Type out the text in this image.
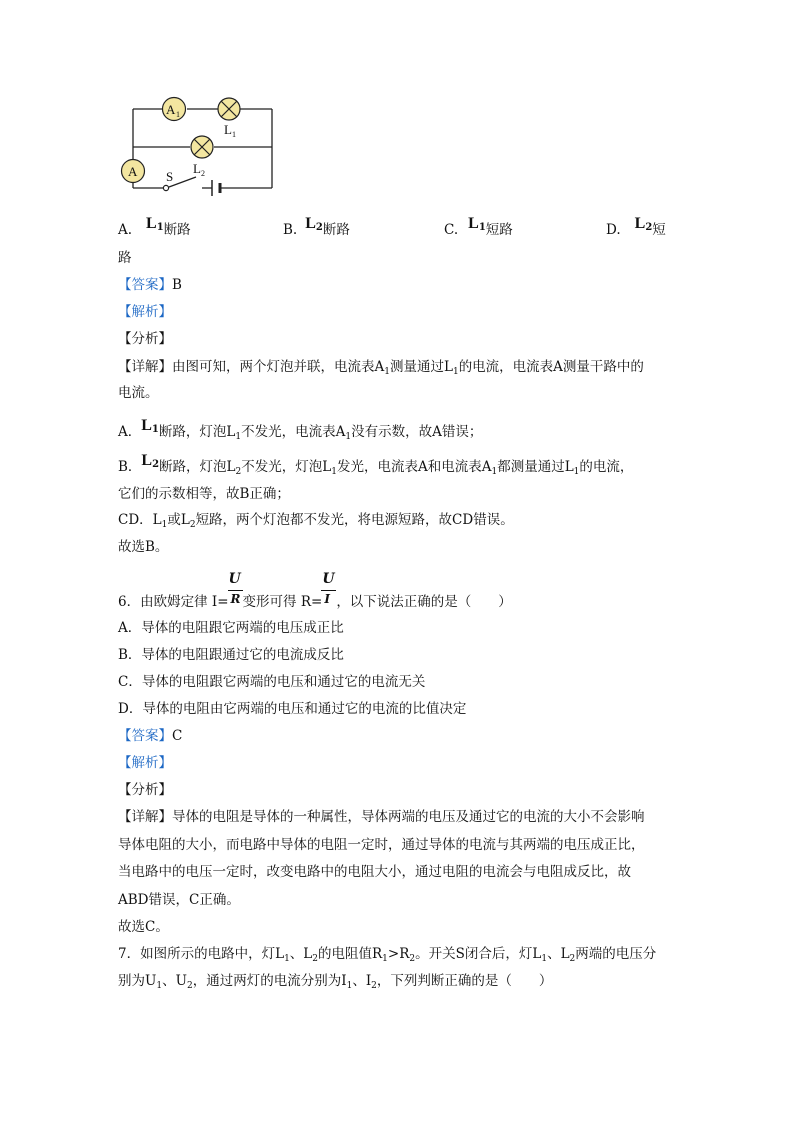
A 1
L 1
A S
L 2
A. $L^1$断路	B. $L^2$断路	C. $L^1$短路	D. $L^2$短
路
【答案】B
【解析】
【分析】
【详解】由图可知，两个灯泡并联，电流表$A_1$测量通过$L_1$的电流，电流表A测量干路中的
电流。
A．$L^1$断路，灯泡$L_1$不发光，电流表$A_1$没有示数，故A错误；
B．$L^2$断路，灯泡$L_2$不发光，灯泡$L_1$发光，电流表A和电流表$A_1$都测量通过$L_1$的电流，
它们的示数相等，故B正确；
CD．$L_1$或$L_2$短路，两个灯泡都不发光，将电源短路，故CD错误。
故选B。
6．由欧姆定律 $I= \frac{U}{R}$ 变形可得 $R= \frac{U}{I}$ ，以下说法正确的是（　　）
A．导体的电阻跟它两端的电压成正比
B．导体的电阻跟通过它的电流成反比
C．导体的电阻跟它两端的电压和通过它的电流无关
D．导体的电阻由它两端的电压和通过它的电流的比值决定
【答案】C
【解析】
【分析】
【详解】导体的电阻是导体的一种属性，导体两端的电压及通过它的电流的大小不会影响
导体电阻的大小，而电路中导体的电阻一定时，通过导体的电流与其两端的电压成正比，
当电路中的电压一定时，改变电路中的电阻大小，通过电阻的电流会与电阻成反比，故
ABD错误，C正确。
故选C。
7．如图所示的电路中，灯$L_1$、$L_2$的电阻值$R_1>R_2$。开关S闭合后，灯$L_1$、$L_2$两端的电压分
别为$U_1$、$U_2$，通过两灯的电流分别为$I_1$、$I_2$，下列判断正确的是（　　）
